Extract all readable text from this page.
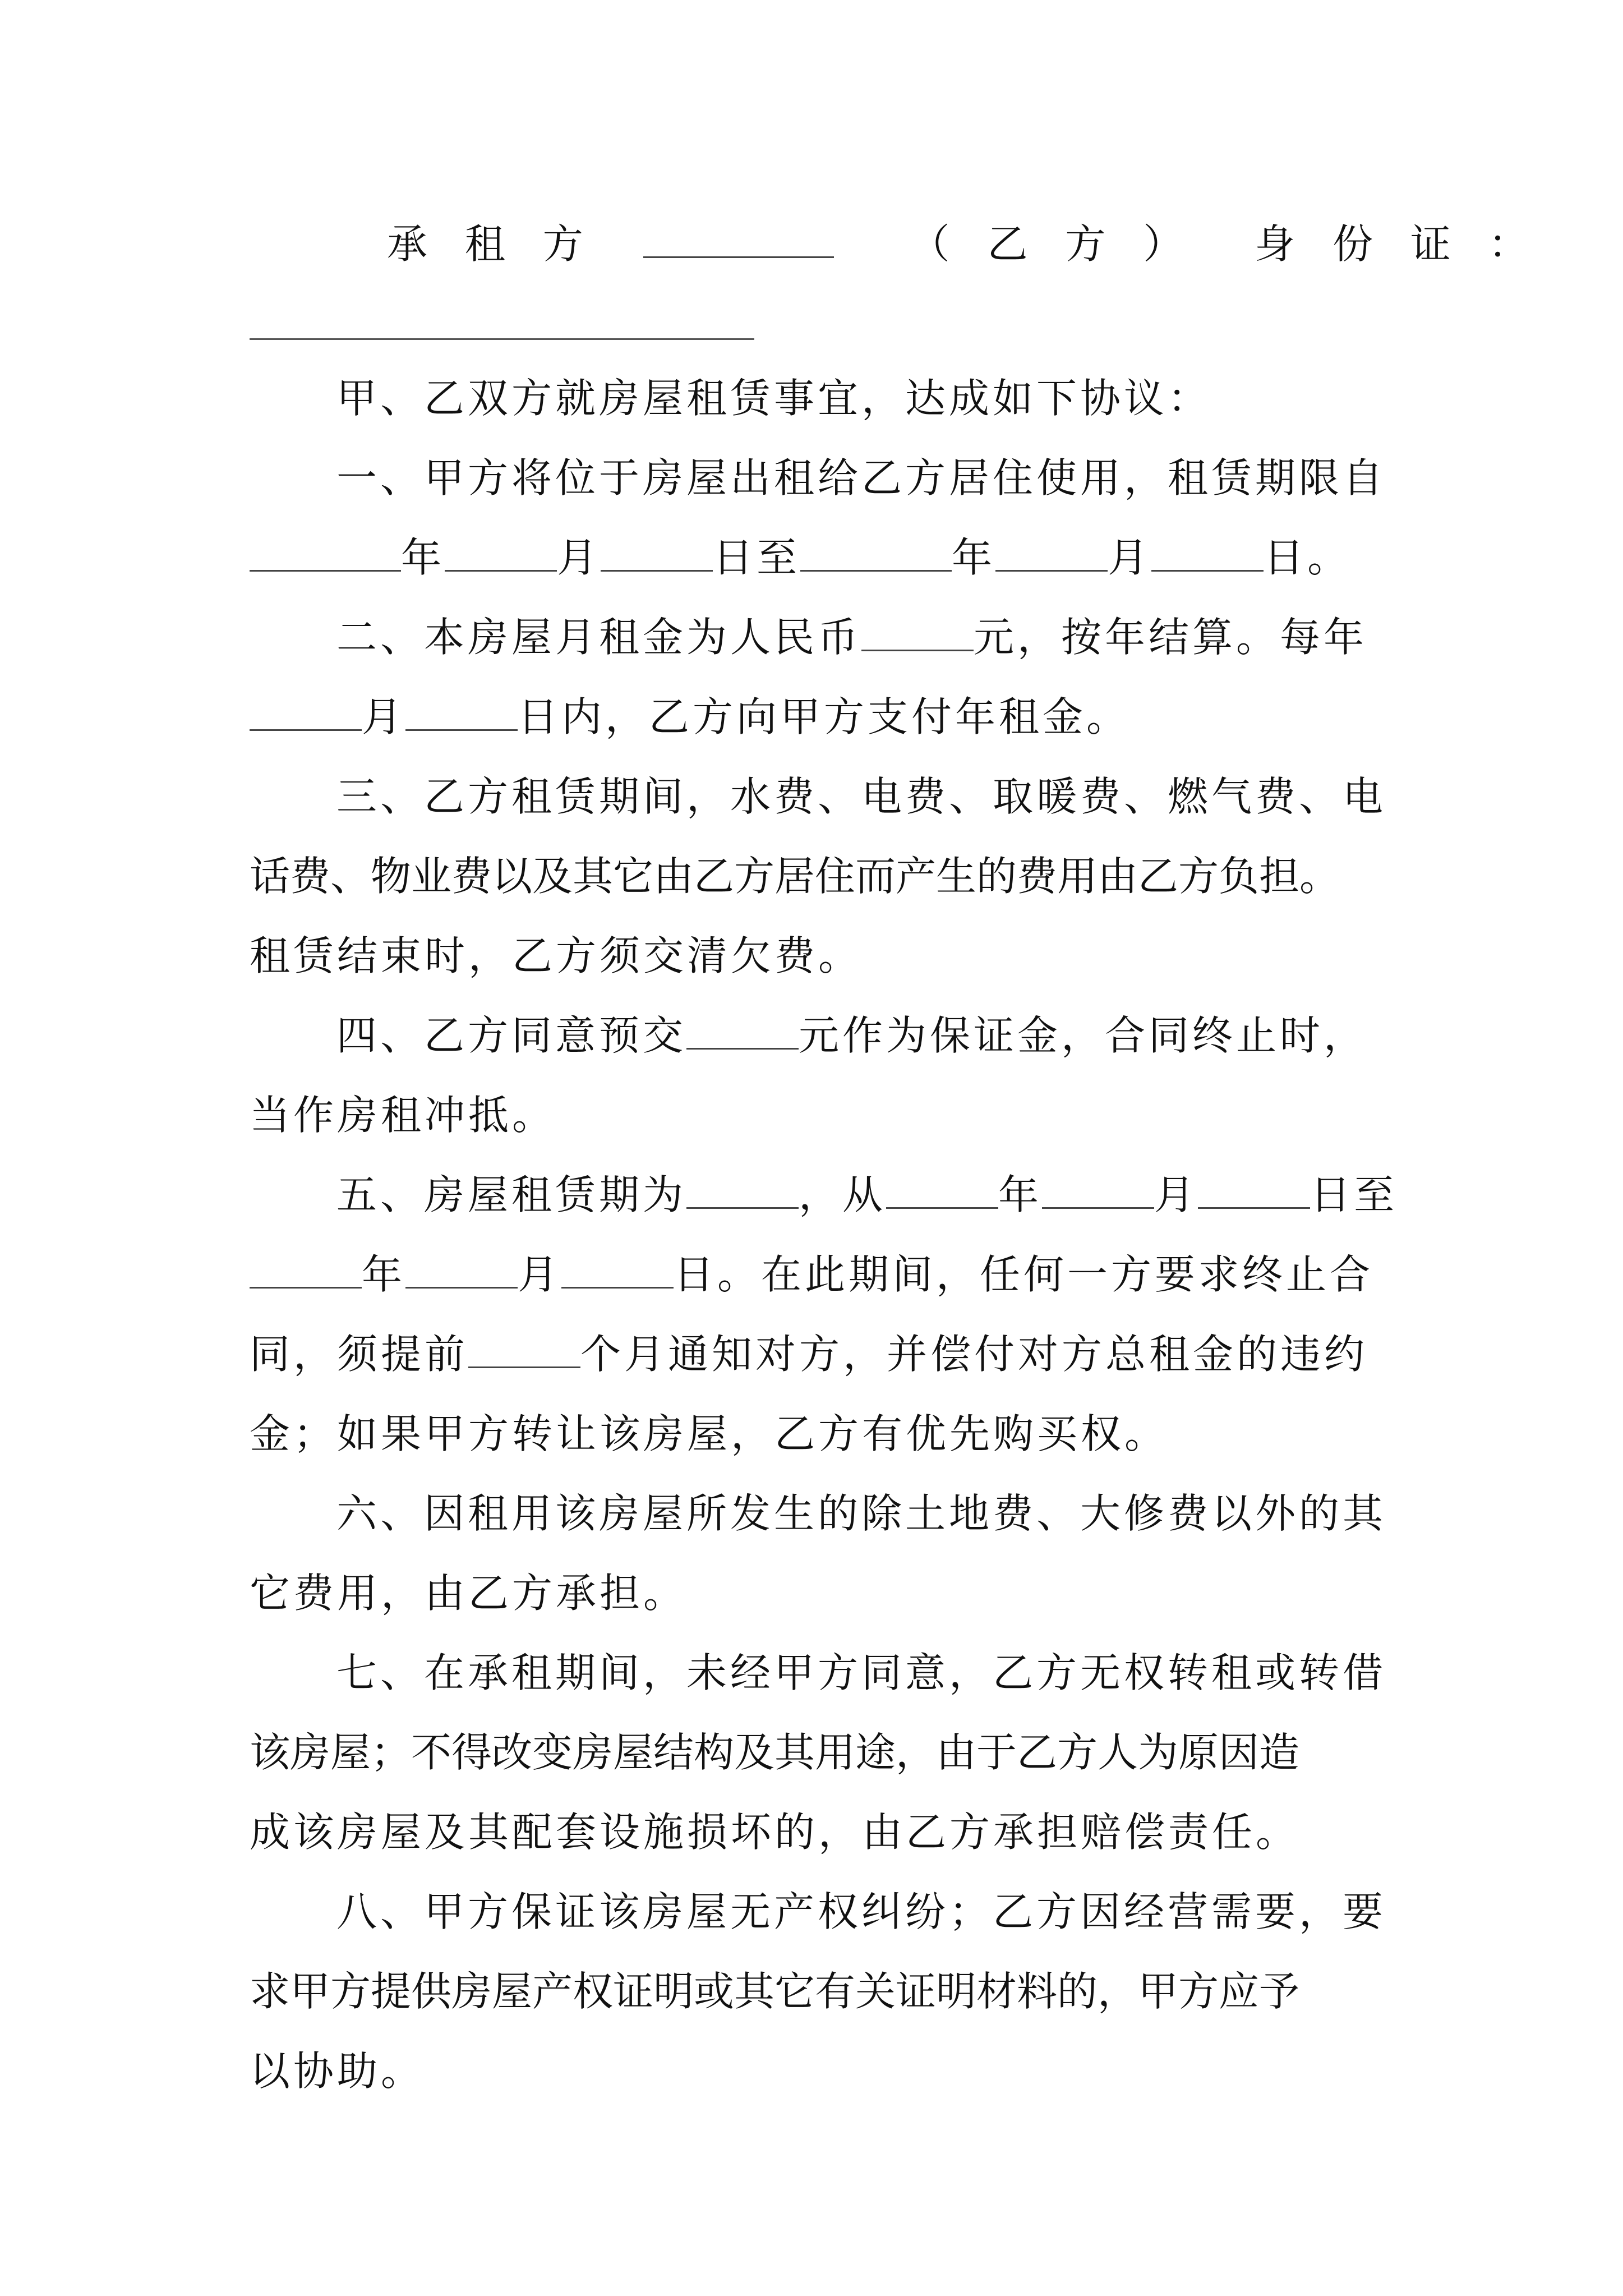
承 租 方	（ 乙 方 ） 身 份 证 ：
甲、乙双方就房屋租赁事宜，达成如下协议：
一、甲方将位于房屋出租给乙方居住使用，租赁期限自
年	月	日至	年	月	日。
二、本房屋月租金为人民币	元，按年结算。每年
月	日内，乙方向甲方支付年租金。
三、乙方租赁期间，水费、电费、取暖费、燃气费、电
话费、物业费以及其它由乙方居住而产生的费用由乙方负担。
租赁结束时，乙方须交清欠费。
四、乙方同意预交	元作为保证金，合同终止时，
当作房租冲抵。
五、房屋租赁期为	，从	年	月	日至
年	月	日。在此期间，任何一方要求终止合
同，须提前	个月通知对方，并偿付对方总租金的违约
金；如果甲方转让该房屋，乙方有优先购买权。
六、因租用该房屋所发生的除土地费、大修费以外的其
它费用，由乙方承担。
七、在承租期间，未经甲方同意，乙方无权转租或转借
该房屋；不得改变房屋结构及其用途，由于乙方人为原因造
成该房屋及其配套设施损坏的，由乙方承担赔偿责任。
八、甲方保证该房屋无产权纠纷；乙方因经营需要，要
求甲方提供房屋产权证明或其它有关证明材料的，甲方应予
以协助。
